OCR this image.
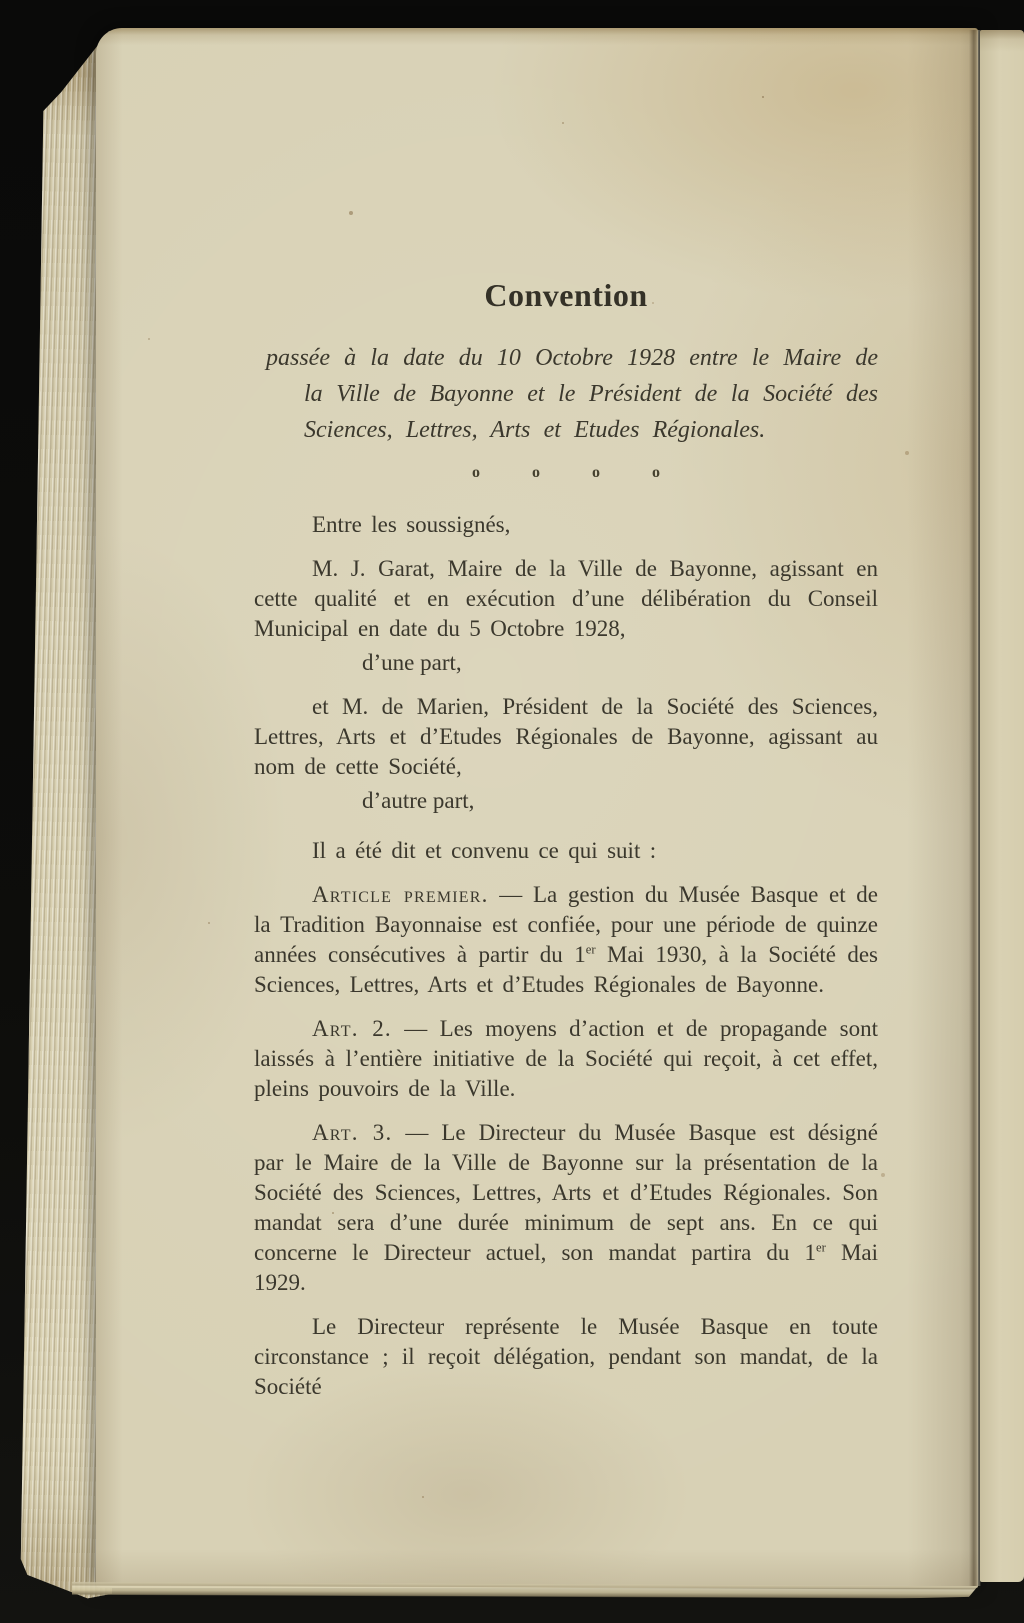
Convention

passée à la date du 10 Octobre 1928 entre le Maire de la Ville de Bayonne et le Président de la Société des Sciences, Lettres, Arts et Etudes Régionales.

o o o o

Entre les soussignés,

M. J. Garat, Maire de la Ville de Bayonne, agissant en cette qualité et en exécution d’une délibération du Conseil Municipal en date du 5 Octobre 1928,

d’une part,

et M. de Marien, Président de la Société des Sciences, Lettres, Arts et d’Etudes Régionales de Bayonne, agissant au nom de cette Société,

d’autre part,

Il a été dit et convenu ce qui suit :

Article premier. — La gestion du Musée Basque et de la Tradition Bayonnaise est confiée, pour une période de quinze années consécutives à partir du 1er Mai 1930, à la Société des Sciences, Lettres, Arts et d’Etudes Régionales de Bayonne.

Art. 2. — Les moyens d’action et de propagande sont laissés à l’entière initiative de la Société qui reçoit, à cet effet, pleins pouvoirs de la Ville.

Art. 3. — Le Directeur du Musée Basque est désigné par le Maire de la Ville de Bayonne sur la présentation de la Société des Sciences, Lettres, Arts et d’Etudes Régionales. Son mandat sera d’une durée minimum de sept ans. En ce qui concerne le Directeur actuel, son mandat partira du 1er Mai 1929.

Le Directeur représente le Musée Basque en toute circonstance ; il reçoit délégation, pendant son mandat, de la Société
